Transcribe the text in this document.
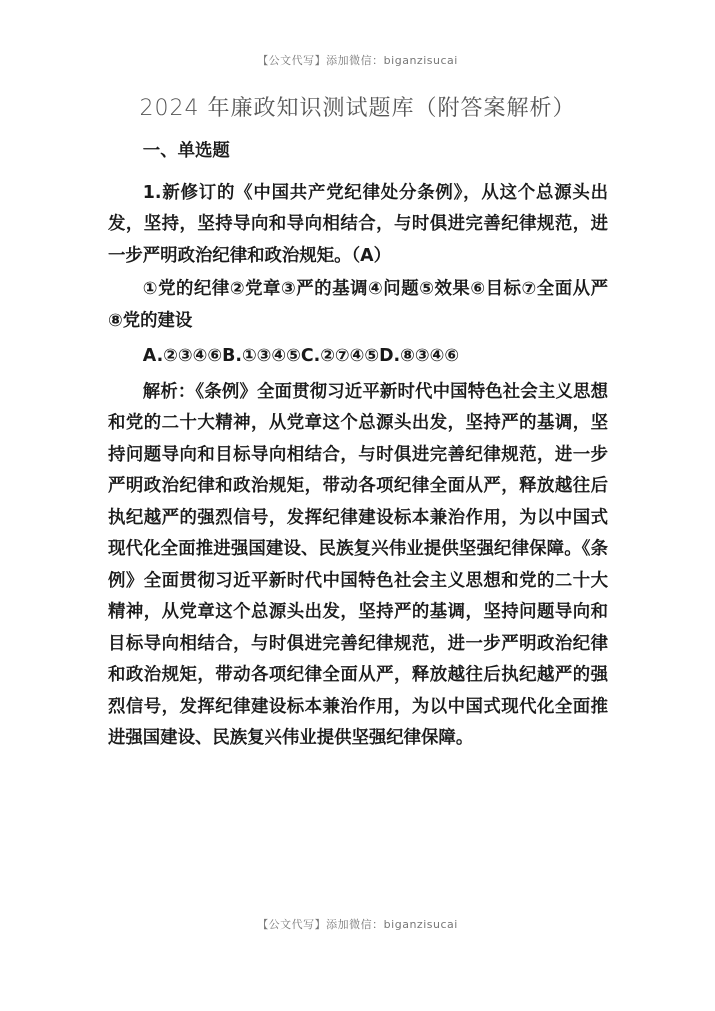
【公文代写】添加微信：biganzisucai
2024 年廉政知识测试题库（附答案解析）

一、单选题

1.新修订的《中国共产党纪律处分条例》，从这个总源头出发，坚持，坚持导向和导向相结合，与时俱进完善纪律规范，进一步严明政治纪律和政治规矩。（A）

①党的纪律②党章③严的基调④问题⑤效果⑥目标⑦全面从严⑧党的建设

A.②③④⑥B.①③④⑤C.②⑦④⑤D.⑧③④⑥

解析：《条例》全面贯彻习近平新时代中国特色社会主义思想和党的二十大精神，从党章这个总源头出发，坚持严的基调，坚持问题导向和目标导向相结合，与时俱进完善纪律规范，进一步严明政治纪律和政治规矩，带动各项纪律全面从严，释放越往后执纪越严的强烈信号，发挥纪律建设标本兼治作用，为以中国式现代化全面推进强国建设、民族复兴伟业提供坚强纪律保障。《条例》全面贯彻习近平新时代中国特色社会主义思想和党的二十大精神，从党章这个总源头出发，坚持严的基调，坚持问题导向和目标导向相结合，与时俱进完善纪律规范，进一步严明政治纪律和政治规矩，带动各项纪律全面从严，释放越往后执纪越严的强烈信号，发挥纪律建设标本兼治作用，为以中国式现代化全面推进强国建设、民族复兴伟业提供坚强纪律保障。

【公文代写】添加微信：biganzisucai
